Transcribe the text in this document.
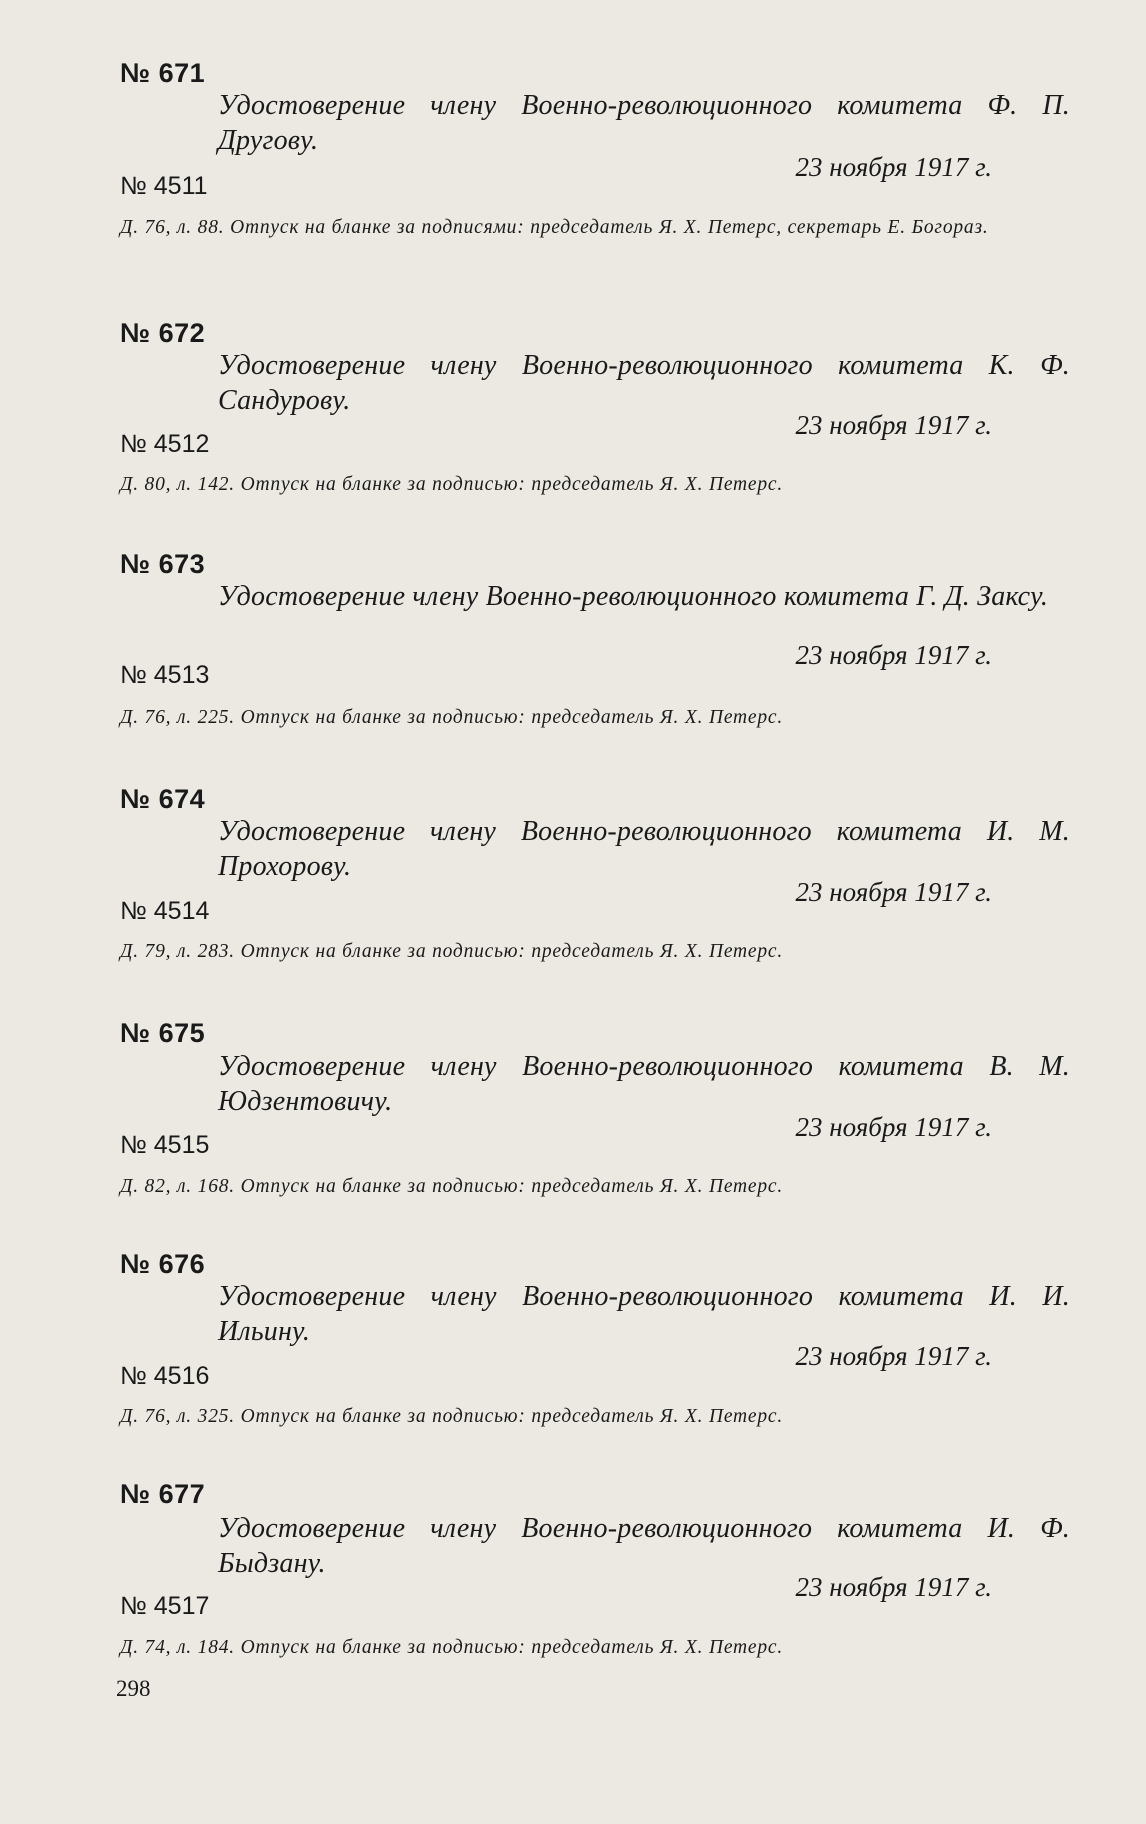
№ 671
Удостоверение члену Военно-революционного комитета Ф. П. Другову.
23 ноября 1917 г.
№ 4511
Д. 76, л. 88. Отпуск на бланке за подписями: председатель Я. Х. Петерс, секретарь Е. Богораз.
№ 672
Удостоверение члену Военно-революционного комитета К. Ф. Сандурову.
23 ноября 1917 г.
№ 4512
Д. 80, л. 142. Отпуск на бланке за подписью: председатель Я. Х. Петерс.
№ 673
Удостоверение члену Военно-революционного комитета Г. Д. Заксу.
23 ноября 1917 г.
№ 4513
Д. 76, л. 225. Отпуск на бланке за подписью: председатель Я. Х. Петерс.
№ 674
Удостоверение члену Военно-революционного комитета И. М. Прохорову.
23 ноября 1917 г.
№ 4514
Д. 79, л. 283. Отпуск на бланке за подписью: председатель Я. Х. Петерс.
№ 675
Удостоверение члену Военно-революционного комитета В. М. Юдзентовичу.
23 ноября 1917 г.
№ 4515
Д. 82, л. 168. Отпуск на бланке за подписью: председатель Я. Х. Петерс.
№ 676
Удостоверение члену Военно-революционного комитета И. И. Ильину.
23 ноября 1917 г.
№ 4516
Д. 76, л. 325. Отпуск на бланке за подписью: председатель Я. Х. Петерс.
№ 677
Удостоверение члену Военно-революционного комитета И. Ф. Быдзану.
23 ноября 1917 г.
№ 4517
Д. 74, л. 184. Отпуск на бланке за подписью: председатель Я. Х. Петерс.
298
